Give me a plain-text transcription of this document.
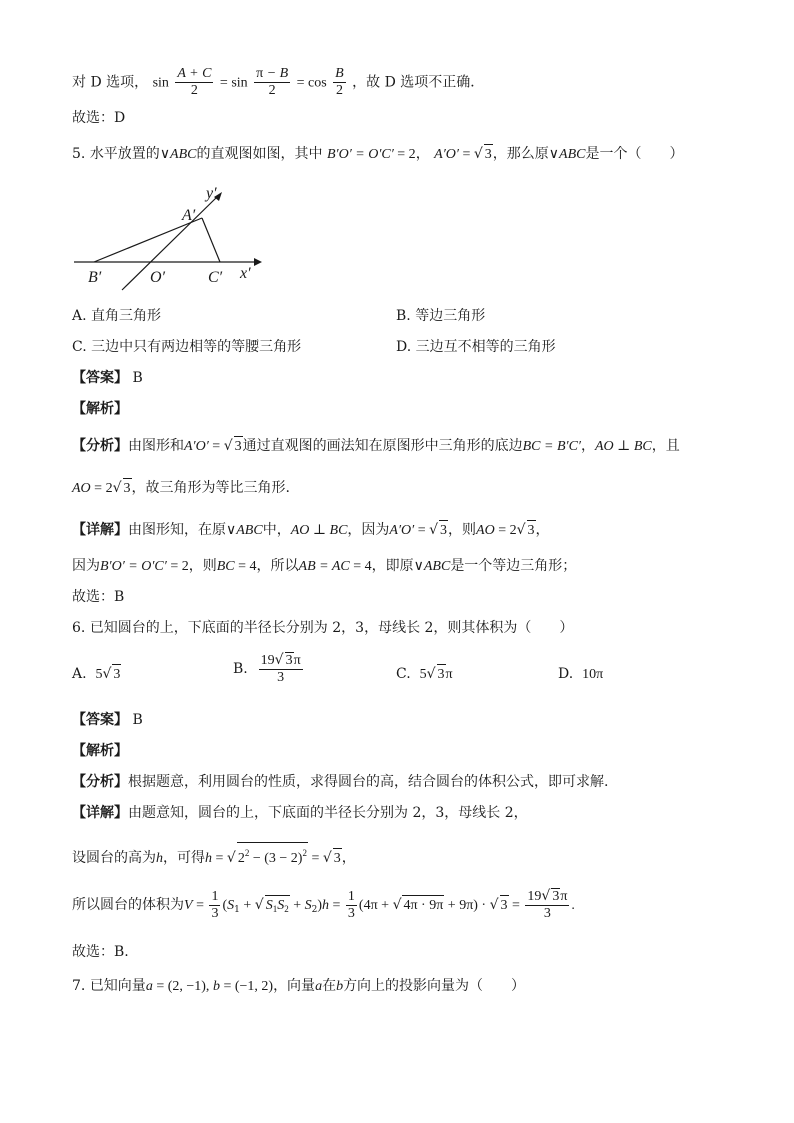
对 D 选项， $\sin \frac{A + C}{2} = \sin \frac{\pi - B}{2} = \cos \frac{B}{2}$ ，故 D 选项不正确．
故选：D
5. 水平放置的∨ABC的直观图如图，其中 B′O′ = O′C′ = 2， A′O′ = √ 3，那么原∨ABC是一个（　　）
y′
A′
B′	O′	C′ x′
A. 直角三角形	B. 等边三角形
C. 三边中只有两边相等的等腰三角形	D. 三边互不相等的三角形
【答案】 B
【解析】
【分析】由图形和A′O′ = √ 3通过直观图的画法知在原图形中三角形的底边BC = B′C′，AO ⊥ BC，且
AO = 2√ 3，故三角形为等比三角形.
【详解】由图形知，在原∨ABC中，AO ⊥ BC，因为A′O′ = √ 3，则AO = 2√ 3，
因为B′O′ = O′C′ = 2，则BC = 4，所以AB = AC = 4，即原∨ABC是一个等边三角形；
故选：B
6. 已知圆台的上，下底面的半径长分别为 2，3，母线长 2，则其体积为（　　）
A. 5√ 3	B. $\frac{19√ 3\pi}{3}$	C. 5√ 3π	D. 10π
【答案】 B
【解析】
【分析】根据题意，利用圆台的性质，求得圆台的高，结合圆台的体积公式，即可求解.
【详解】由题意知，圆台的上，下底面的半径长分别为 2，3，母线长 2，
设圆台的高为h，可得h = √ $2^2 - (3 - 2)^2$ = √ 3，
所以圆台的体积为$V = \frac{1}{3} (S_1$ + √ $S_1S_2 + S_2)h = \frac{1}{3} (4\pi$ + √ 4π · 9π + 9π) · √ $3 = \frac{19√ 3\pi}{3}$ .
故选：B.
7. 已知向量a = (2, −1), b = (−1, 2)，向量a在b方向上的投影向量为（　　）
